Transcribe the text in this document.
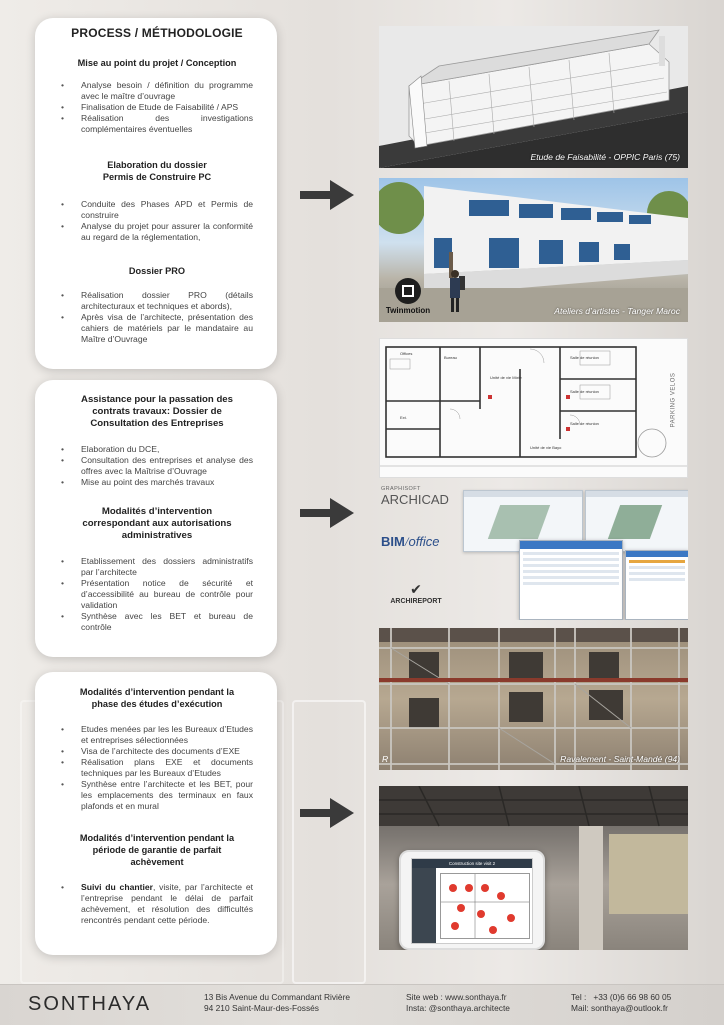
PROCESS / MÉTHODOLOGIE
Mise au point du projet / Conception
• Analyse besoin / définition du programme avec le maître d’ouvrage
• Finalisation de Etude de Faisabilité / APS
• Réalisation des investigations complémentaires éventuelles
Elaboration du dossier
Permis de Construire PC
• Conduite des Phases APD et Permis de construire
• Analyse du projet pour assurer la conformité au regard de la réglementation,
Dossier PRO
• Réalisation dossier PRO (détails architecturaux et techniques et abords),
• Après visa de l’architecte, présentation des cahiers de matériels par le mandataire au Maître d’Ouvrage
Assistance pour la passation des contrats travaux: Dossier de Consultation des Entreprises
• Elaboration du DCE,
• Consultation des entreprises et analyse des offres avec la Maîtrise d’Ouvrage
• Mise au point des marchés travaux
Modalités d’intervention correspondant aux autorisations administratives
• Etablissement des dossiers administratifs par l’architecte
• Présentation notice de sécurité et d’accessibilité au bureau de contrôle pour validation
• Synthèse avec les BET et bureau de contrôle
Modalités d’intervention pendant la phase des études d’exécution
• Etudes menées par les les Bureaux d’Etudes et entreprises sélectionnées
• Visa de l’architecte des documents d’EXE
• Réalisation plans EXE et documents techniques par les Bureaux d’Etudes
• Synthèse entre l’architecte et les BET, pour les emplacements des terminaux en faux plafonds et en mural
Modalités d’intervention pendant la période de garantie de parfait achèvement
• Suivi du chantier, visite, par l’architecte et l’entreprise pendant le délai de parfait achèvement, et résolution des difficultés rencontrés pendant cette période.
Etude de Faisabilité - OPPIC Paris (75)
Twinmotion	Ateliers d’artistes - Tanger Maroc
Bureau	Salle de réunion
Salle de réunion
Salle de réunion
Unité de vie Mixte
Unité de vie Bayo
Offices
Ext.	PARKING VELOS
GRAPHISOFT
ARCHICAD
BIM/office
✔
ARCHIREPORT
R	Ravalement - Saint-Mandé (94)
Construction site visit 2
SONTHAYA	13 Bis Avenue du Commandant Rivière
94 210 Saint-Maur-des-Fossés
Site web : www.sonthaya.fr
Insta: @sonthaya.architecte
Tel : +33 (0)6 66 98 60 05
Mail: sonthaya@outlook.fr
